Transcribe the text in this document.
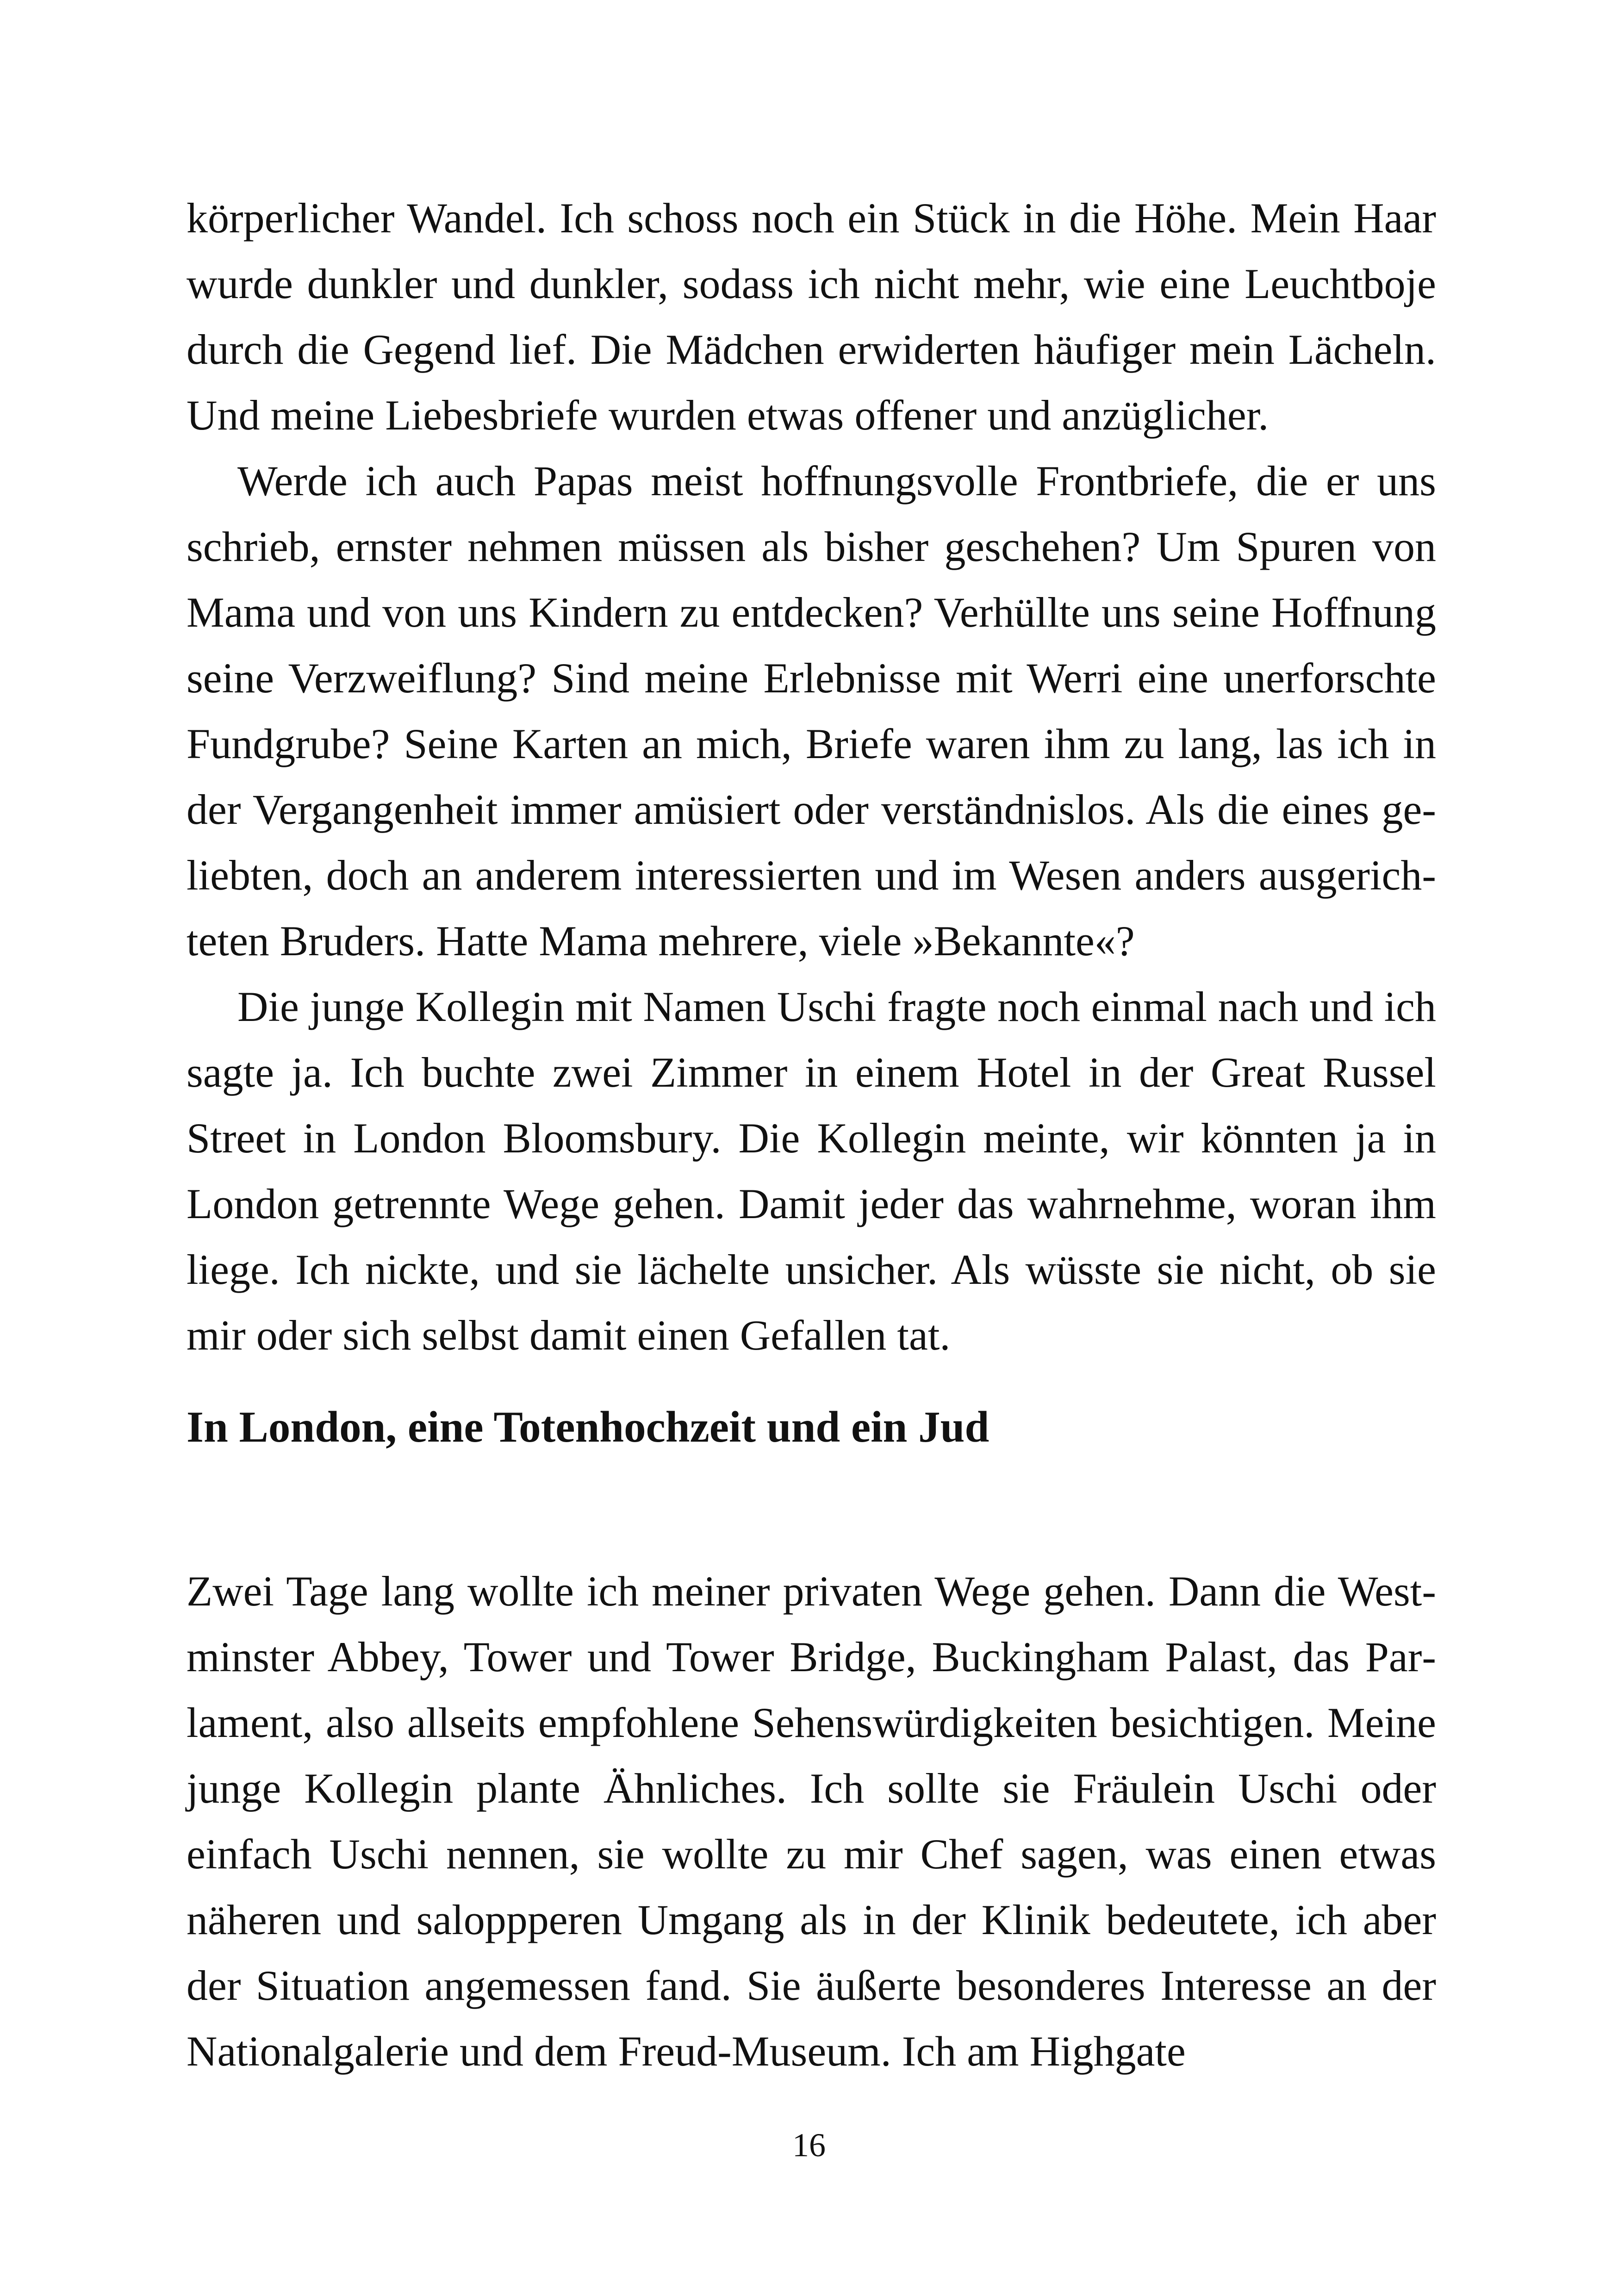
körperlicher Wandel. Ich schoss noch ein Stück in die Höhe. Mein Haar wurde dunkler und dunkler, sodass ich nicht mehr, wie eine Leuchtboje durch die Gegend lief. Die Mädchen erwiderten häufiger mein Lächeln. Und meine Liebesbriefe wurden etwas offener und anzüglicher.

Werde ich auch Papas meist hoffnungsvolle Frontbriefe, die er uns schrieb, ernster nehmen müssen als bisher geschehen? Um Spuren von Mama und von uns Kindern zu entdecken? Verhüllte uns seine Hoffnung seine Verzweiflung? Sind meine Erlebnisse mit Werri eine unerforschte Fundgrube? Seine Karten an mich, Briefe waren ihm zu lang, las ich in der Vergangenheit immer amüsiert oder verständnislos. Als die eines geliebten, doch an anderem interessierten und im Wesen anders ausgerichteten Bruders. Hatte Mama mehrere, viele »Bekannte«?

Die junge Kollegin mit Namen Uschi fragte noch einmal nach und ich sagte ja. Ich buchte zwei Zimmer in einem Hotel in der Great Russel Street in London Bloomsbury. Die Kollegin meinte, wir könnten ja in London getrennte Wege gehen. Damit jeder das wahrnehme, woran ihm liege. Ich nickte, und sie lächelte unsicher. Als wüsste sie nicht, ob sie mir oder sich selbst damit einen Gefallen tat.

In London, eine Totenhochzeit und ein Jud

Zwei Tage lang wollte ich meiner privaten Wege gehen. Dann die Westminster Abbey, Tower und Tower Bridge, Buckingham Palast, das Parlament, also allseits empfohlene Sehenswürdigkeiten besichtigen. Meine junge Kollegin plante Ähnliches. Ich sollte sie Fräulein Uschi oder einfach Uschi nennen, sie wollte zu mir Chef sagen, was einen etwas näheren und saloppperen Umgang als in der Klinik bedeutete, ich aber der Situation angemessen fand. Sie äußerte besonderes Interesse an der Nationalgalerie und dem Freud-Museum. Ich am Highgate

16
